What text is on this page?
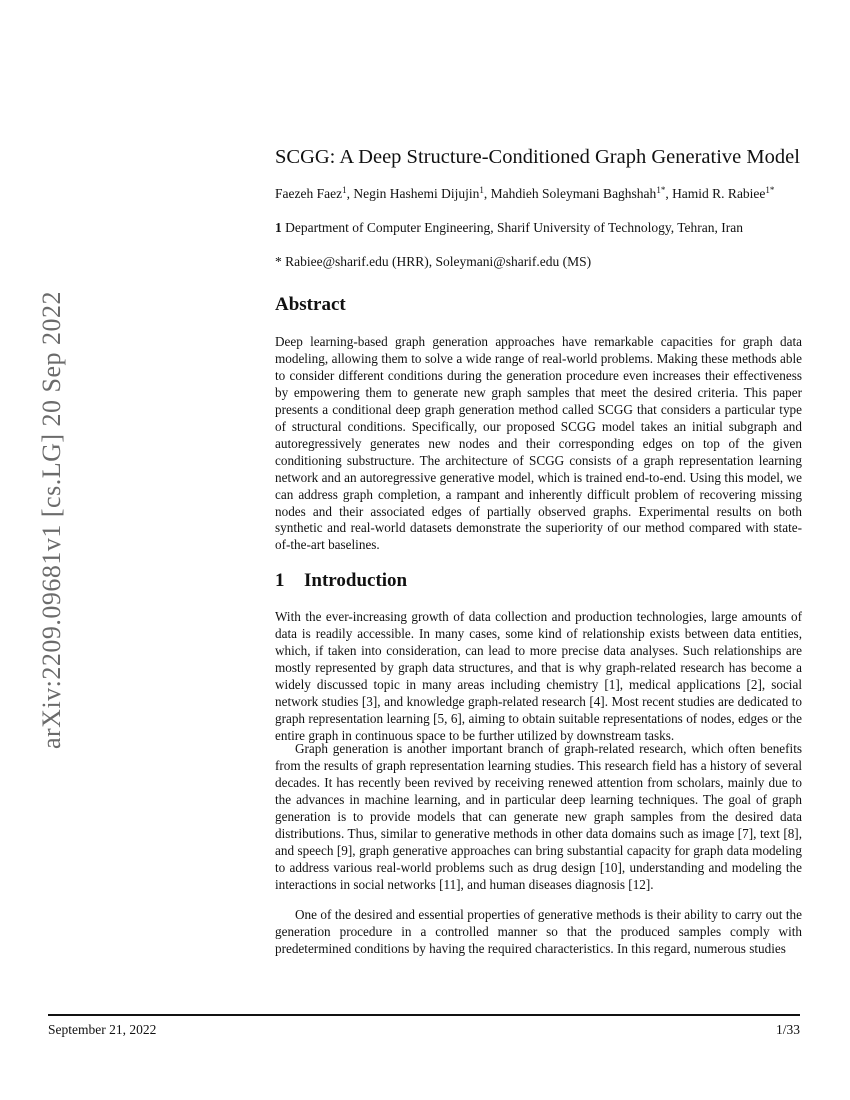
arXiv:2209.09681v1 [cs.LG] 20 Sep 2022
SCGG: A Deep Structure-Conditioned Graph Generative Model
Faezeh Faez$^1$, Negin Hashemi Dijujin$^1$, Mahdieh Soleymani Baghshah$^{1*}$, Hamid R. Rabiee$^{1*}$
1 Department of Computer Engineering, Sharif University of Technology, Tehran, Iran
* Rabiee@sharif.edu (HRR), Soleymani@sharif.edu (MS)
Abstract

Deep learning-based graph generation approaches have remarkable capacities for graph data modeling, allowing them to solve a wide range of real-world problems. Making these methods able to consider different conditions during the generation procedure even increases their effectiveness by empowering them to generate new graph samples that meet the desired criteria. This paper presents a conditional deep graph generation method called SCGG that considers a particular type of structural conditions. Specifically, our proposed SCGG model takes an initial subgraph and autoregressively generates new nodes and their corresponding edges on top of the given conditioning substructure. The architecture of SCGG consists of a graph representation learning network and an autoregressive generative model, which is trained end-to-end. Using this model, we can address graph completion, a rampant and inherently difficult problem of recovering missing nodes and their associated edges of partially observed graphs. Experimental results on both synthetic and real-world datasets demonstrate the superiority of our method compared with state-of-the-art baselines.

1 Introduction

With the ever-increasing growth of data collection and production technologies, large amounts of data is readily accessible. In many cases, some kind of relationship exists between data entities, which, if taken into consideration, can lead to more precise data analyses. Such relationships are mostly represented by graph data structures, and that is why graph-related research has become a widely discussed topic in many areas including chemistry [1], medical applications [2], social network studies [3], and knowledge graph-related research [4]. Most recent studies are dedicated to graph representation learning [5, 6], aiming to obtain suitable representations of nodes, edges or the entire graph in continuous space to be further utilized by downstream tasks.

Graph generation is another important branch of graph-related research, which often benefits from the results of graph representation learning studies. This research field has a history of several decades. It has recently been revived by receiving renewed attention from scholars, mainly due to the advances in machine learning, and in particular deep learning techniques. The goal of graph generation is to provide models that can generate new graph samples from the desired data distributions. Thus, similar to generative methods in other data domains such as image [7], text [8], and speech [9], graph generative approaches can bring substantial capacity for graph data modeling to address various real-world problems such as drug design [10], understanding and modeling the interactions in social networks [11], and human diseases diagnosis [12].

One of the desired and essential properties of generative methods is their ability to carry out the generation procedure in a controlled manner so that the produced samples comply with predetermined conditions by having the required characteristics. In this regard, numerous studies

September 21, 2022	1/33
